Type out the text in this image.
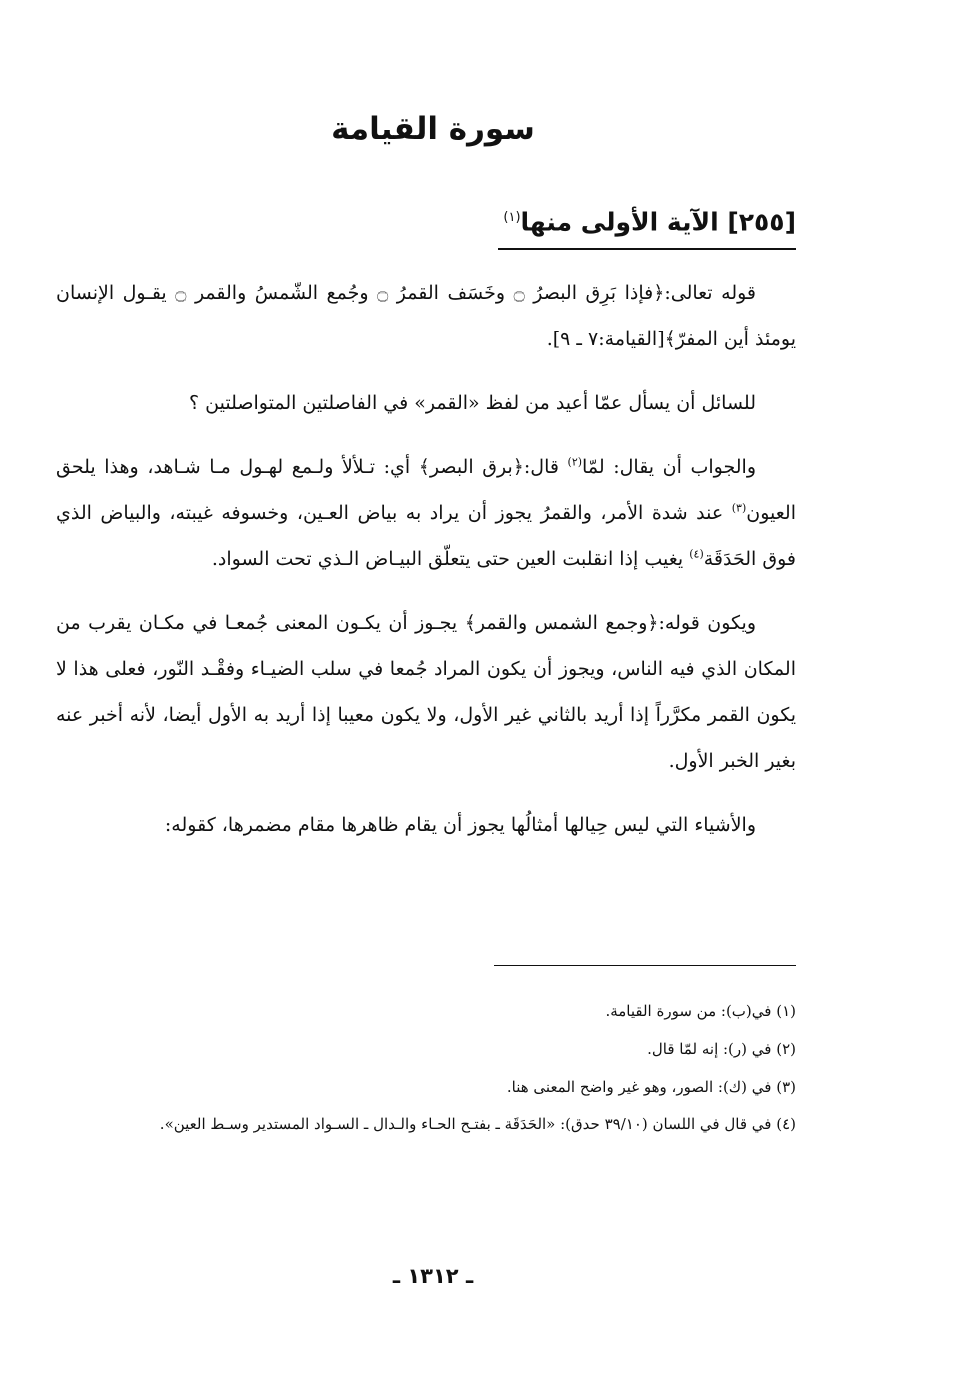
سورة القيامة
[٢٥٥] الآية الأولى منها$^{(١)}$

قوله تعالى:﴿فإذا بَرِق البصرُ ۝ وخَسَف القمرُ ۝ وجُمع الشّمسُ والقمر ۝ يقـول الإنسان يومئذ أين المفرّ﴾[القيامة:٧ ـ ٩].

للسائل أن يسأل عمّا أعيد من لفظ «القمر» في الفاصلتين المتواصلتين ؟

والجواب أن يقال: لمّا$^{(٢)}$ قال:﴿برق البصر﴾ أي: تـلألأ ولـمع لهـول مـا شـاهد، وهذا يلحق العيون$^{(٣)}$ عند شدة الأمر، والقمرُ يجوز أن يراد به بياض العـين، وخسوفه غيبته، والبياض الذي فوق الحَدَقَة$^{(٤)}$ يغيب إذا انقلبت العين حتى يتعلّق البيـاض الـذي تحت السواد.

ويكون قوله:﴿وجمع الشمس والقمر﴾ يجـوز أن يكـون المعنى جُمعـا في مكـان يقرب من المكان الذي فيه الناس، ويجوز أن يكون المراد جُمعا في سلب الضيـاء وفقْـد النّور، فعلى هذا لا يكون القمر مكرَّراً إذا أريد بالثاني غير الأول، ولا يكون معيبا إذا أريد به الأول أيضا، لأنه أخبر عنه بغير الخبر الأول.

والأشياء التي ليس حِيالها أمثالُها يجوز أن يقام ظاهرها مقام مضمرها، كقوله:

(١) في(ب): من سورة القيامة.

(٢) في (ر): إنه لمّا قال.

(٣) في (ك): الصور، وهو غير واضح المعنى هنا.

(٤) في قال في اللسان (٣٩/١٠ حدق): «الحَدَقَة ـ بفتـح الحـاء والـدال ـ السـواد المستدير وسـط العين».

ـ ١٣١٢ ـ
